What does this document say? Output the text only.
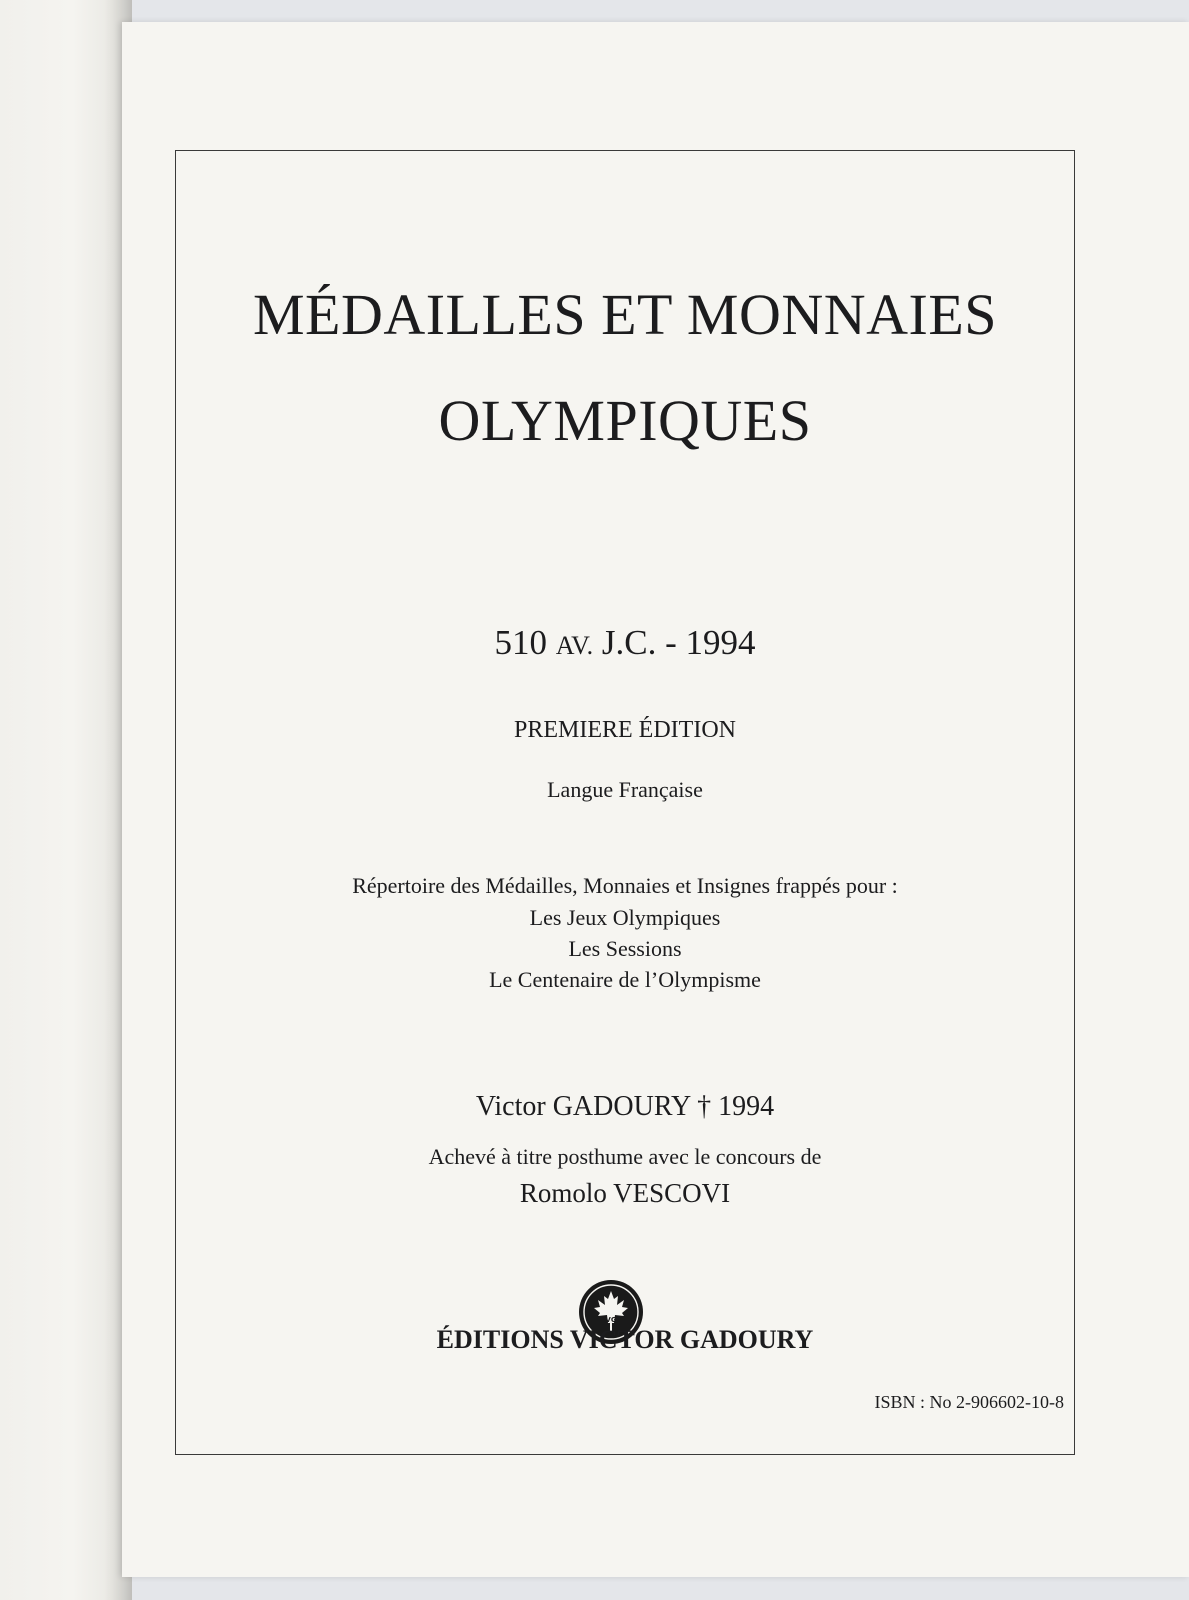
MÉDAILLES ET MONNAIES

OLYMPIQUES

510 AV. J.C. - 1994

PREMIERE ÉDITION

Langue Française

Répertoire des Médailles, Monnaies et Insignes frappés pour :

Les Jeux Olympiques

Les Sessions

Le Centenaire de l’Olympisme

Victor GADOURY † 1994

Achevé à titre posthume avec le concours de

Romolo VESCOVI

VG

ÉDITIONS VICTOR GADOURY

ISBN : No 2-906602-10-8
